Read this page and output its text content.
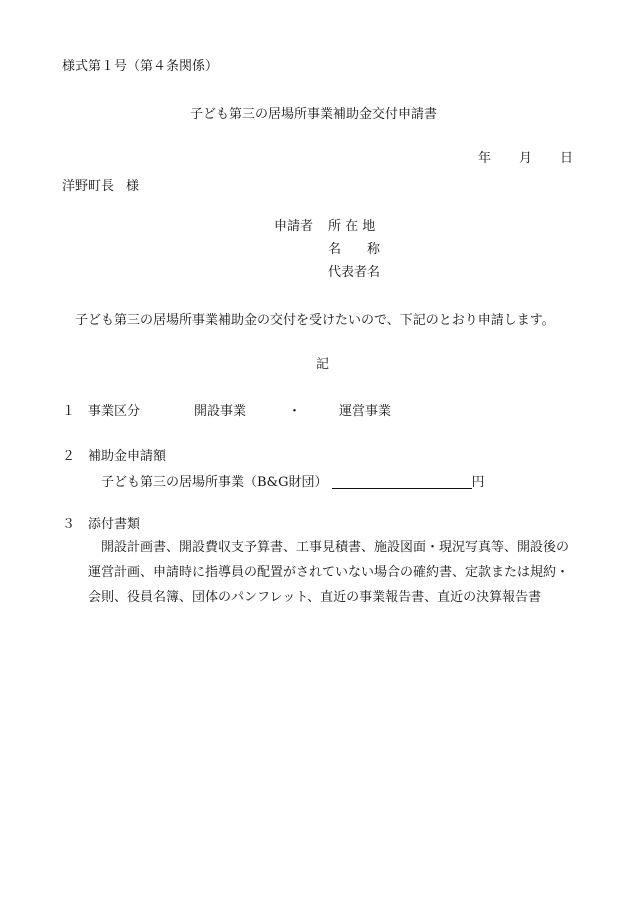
様式第１号（第４条関係）
子ども第三の居場所事業補助金交付申請書
年 月 日
洋野町長 様
申請者 所 在 地
名　　称
代表者名
子ども第三の居場所事業補助金の交付を受けたいので、下記のとおり申請します。
記
１ 事業区分	開設事業	・	運営事業
２ 補助金申請額
子ども第三の居場所事業（B&G財団）	円
３ 添付書類
開設計画書、開設費収支予算書、工事見積書、施設図面・現況写真等、開設後の運営計画、申請時に指導員の配置がされていない場合の確約書、定款または規約・会則、役員名簿、団体のパンフレット、直近の事業報告書、直近の決算報告書
